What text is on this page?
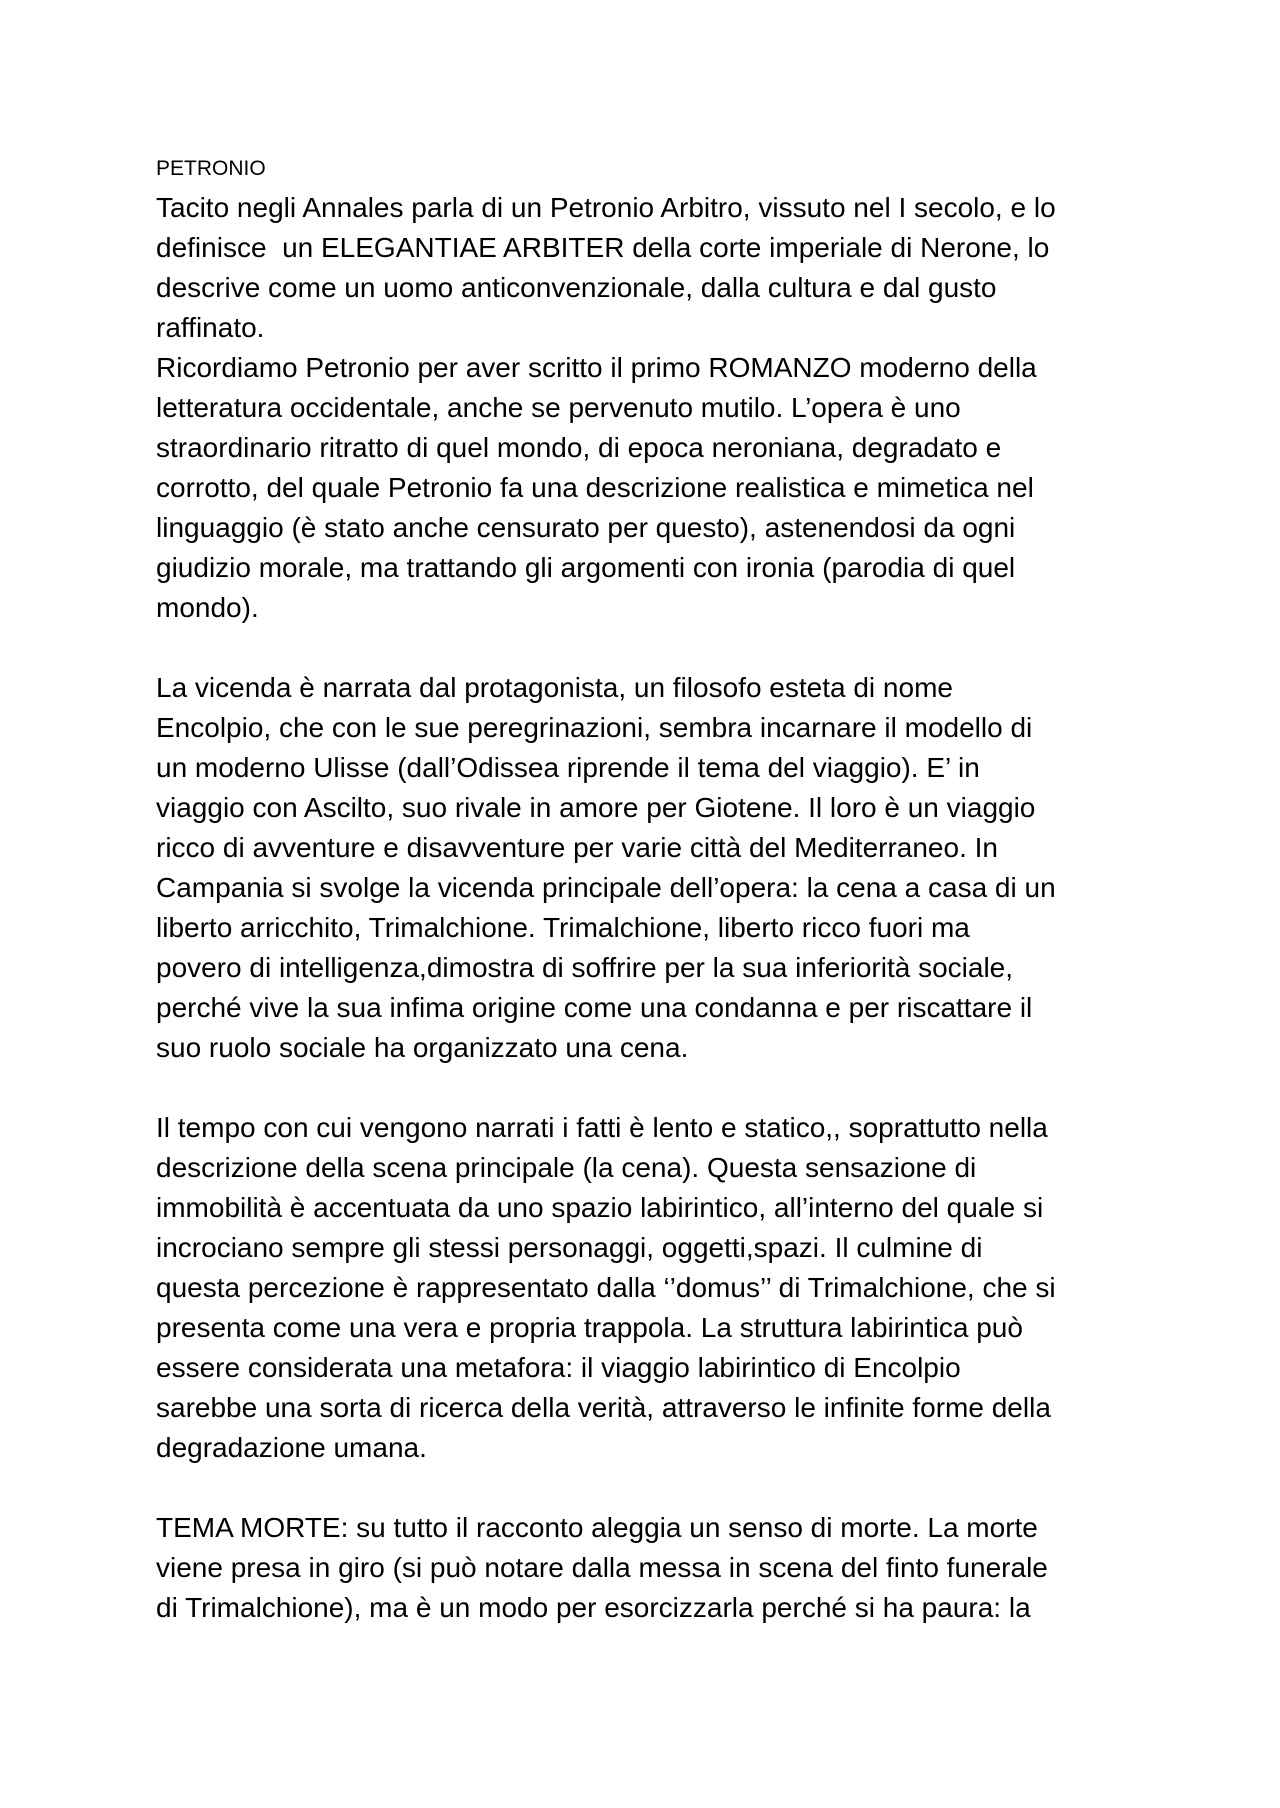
PETRONIO
Tacito negli Annales parla di un Petronio Arbitro, vissuto nel I secolo, e lo
definisce  un ELEGANTIAE ARBITER della corte imperiale di Nerone, lo
descrive come un uomo anticonvenzionale, dalla cultura e dal gusto
raffinato.
Ricordiamo Petronio per aver scritto il primo ROMANZO moderno della
letteratura occidentale, anche se pervenuto mutilo. L’opera è uno
straordinario ritratto di quel mondo, di epoca neroniana, degradato e
corrotto, del quale Petronio fa una descrizione realistica e mimetica nel
linguaggio (è stato anche censurato per questo), astenendosi da ogni
giudizio morale, ma trattando gli argomenti con ironia (parodia di quel
mondo).
La vicenda è narrata dal protagonista, un filosofo esteta di nome
Encolpio, che con le sue peregrinazioni, sembra incarnare il modello di
un moderno Ulisse (dall’Odissea riprende il tema del viaggio). E’ in
viaggio con Ascilto, suo rivale in amore per Giotene. Il loro è un viaggio
ricco di avventure e disavventure per varie città del Mediterraneo. In
Campania si svolge la vicenda principale dell’opera: la cena a casa di un
liberto arricchito, Trimalchione. Trimalchione, liberto ricco fuori ma
povero di intelligenza,dimostra di soffrire per la sua inferiorità sociale,
perché vive la sua infima origine come una condanna e per riscattare il
suo ruolo sociale ha organizzato una cena.
Il tempo con cui vengono narrati i fatti è lento e statico,, soprattutto nella
descrizione della scena principale (la cena). Questa sensazione di
immobilità è accentuata da uno spazio labirintico, all’interno del quale si
incrociano sempre gli stessi personaggi, oggetti,spazi. Il culmine di
questa percezione è rappresentato dalla ‘’domus’’ di Trimalchione, che si
presenta come una vera e propria trappola. La struttura labirintica può
essere considerata una metafora: il viaggio labirintico di Encolpio
sarebbe una sorta di ricerca della verità, attraverso le infinite forme della
degradazione umana.
TEMA MORTE: su tutto il racconto aleggia un senso di morte. La morte
viene presa in giro (si può notare dalla messa in scena del finto funerale
di Trimalchione), ma è un modo per esorcizzarla perché si ha paura: la
